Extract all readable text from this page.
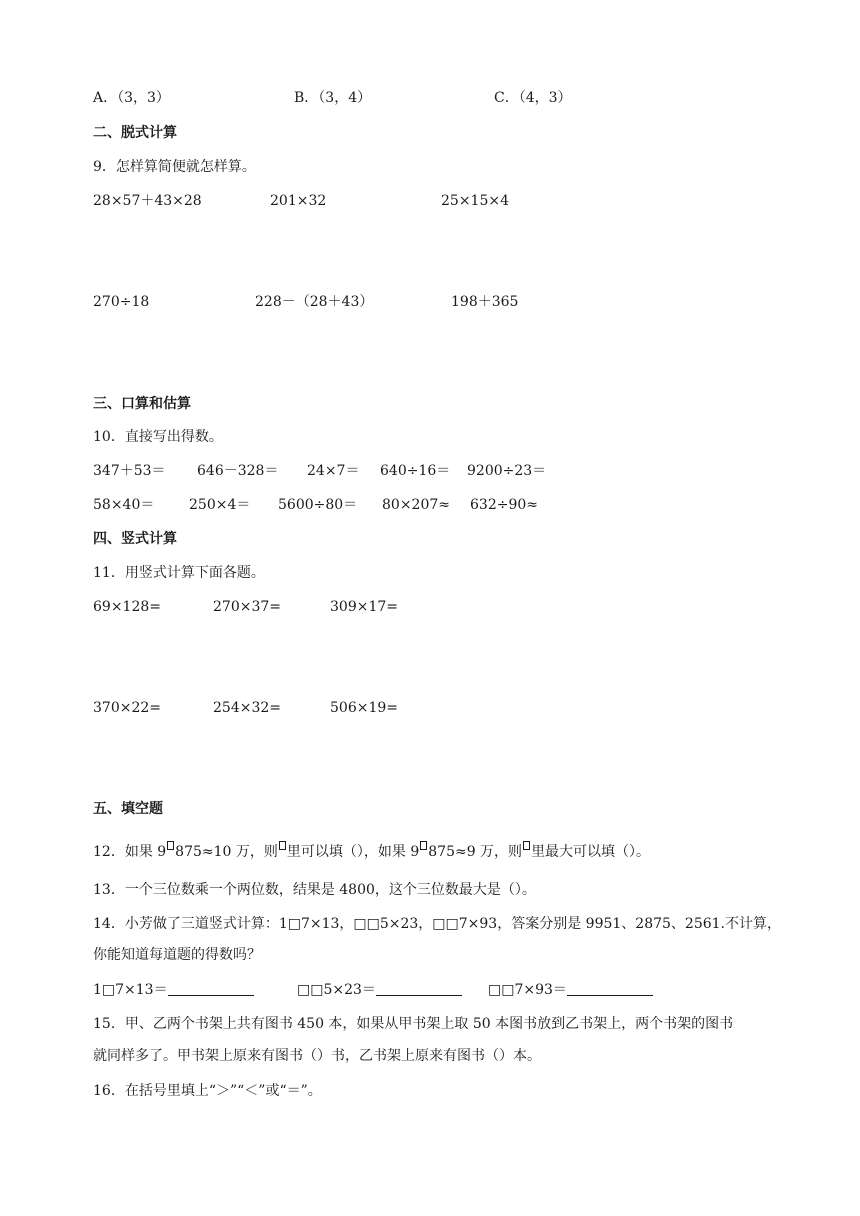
A．（3，3）	B．（3，4）	C．（4，3）
二、脱式计算
9．怎样算简便就怎样算。
28×57＋43×28	201×32	25×15×4
270÷18	228－（28＋43）	198＋365
三、口算和估算
10．直接写出得数。
347＋53＝ 646－328＝ 24×7＝ 640÷16＝ 9200÷23＝
58×40＝ 250×4＝ 5600÷80＝ 80×207≈ 632÷90≈
四、竖式计算
11．用竖式计算下面各题。
69×128=	270×37=	309×17=
370×22=	254×32=	506×19=
五、填空题
12．如果 9 875≈10 万，则 里可以填（），如果 9 875≈9 万，则 里最大可以填（）。
13．一个三位数乘一个两位数，结果是 4800，这个三位数最大是（）。
14．小芳做了三道竖式计算：1□7×13，□□5×23，□□7×93，答案分别是 9951、2875、2561.不计算，
你能知道每道题的得数吗？
1□7×13＝	□□5×23＝	□□7×93＝
15．甲、乙两个书架上共有图书 450 本，如果从甲书架上取 50 本图书放到乙书架上，两个书架的图书
就同样多了。甲书架上原来有图书（）书，乙书架上原来有图书（）本。
16．在括号里填上“＞”“＜”或“＝”。
